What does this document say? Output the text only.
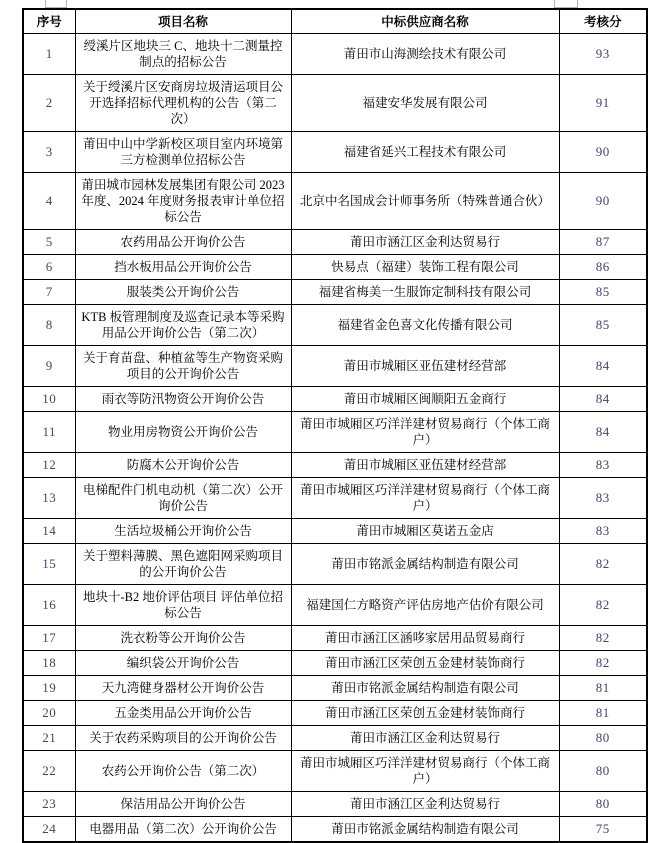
序号	项目名称	中标供应商名称	考核分
1	绶溪片区地块三 C、地块十二测量控制点的招标公告	莆田市山海测绘技术有限公司	93
2	关于绶溪片区安商房垃圾清运项目公开选择招标代理机构的公告（第二次）	福建安华发展有限公司	91
3	莆田中山中学新校区项目室内环境第三方检测单位招标公告	福建省延兴工程技术有限公司	90
4	莆田城市园林发展集团有限公司 2023年度、2024 年度财务报表审计单位招标公告	北京中名国成会计师事务所（特殊普通合伙）	90
5	农药用品公开询价公告	莆田市涵江区金利达贸易行	87
6	挡水板用品公开询价公告	快易点（福建）装饰工程有限公司	86
7	服装类公开询价公告	福建省梅美一生服饰定制科技有限公司	85
8	KTB 板管理制度及巡查记录本等采购用品公开询价公告（第二次）	福建省金色喜文化传播有限公司	85
9	关于育苗盘、种植盆等生产物资采购项目的公开询价公告	莆田市城厢区亚伍建材经营部	84
10	雨衣等防汛物资公开询价公告	莆田市城厢区闽顺阳五金商行	84
11	物业用房物资公开询价公告	莆田市城厢区巧洋洋建材贸易商行（个体工商户）	84
12	防腐木公开询价公告	莆田市城厢区亚伍建材经营部	83
13	电梯配件门机电动机（第二次）公开询价公告	莆田市城厢区巧洋洋建材贸易商行（个体工商户）	83
14	生活垃圾桶公开询价公告	莆田市城厢区莫诺五金店	83
15	关于塑料薄膜、黑色遮阳网采购项目的公开询价公告	莆田市铭派金属结构制造有限公司	82
16	地块十-B2 地价评估项目 评估单位招标公告	福建国仁方略资产评估房地产估价有限公司	82
17	洗衣粉等公开询价公告	莆田市涵江区涵哆家居用品贸易商行	82
18	编织袋公开询价公告	莆田市涵江区荣创五金建材装饰商行	82
19	天九湾健身器材公开询价公告	莆田市铭派金属结构制造有限公司	81
20	五金类用品公开询价公告	莆田市涵江区荣创五金建材装饰商行	81
21	关于农药采购项目的公开询价公告	莆田市涵江区金利达贸易行	80
22	农药公开询价公告（第二次）	莆田市城厢区巧洋洋建材贸易商行（个体工商户）	80
23	保洁用品公开询价公告	莆田市涵江区金利达贸易行	80
24	电器用品（第二次）公开询价公告	莆田市铭派金属结构制造有限公司	75
